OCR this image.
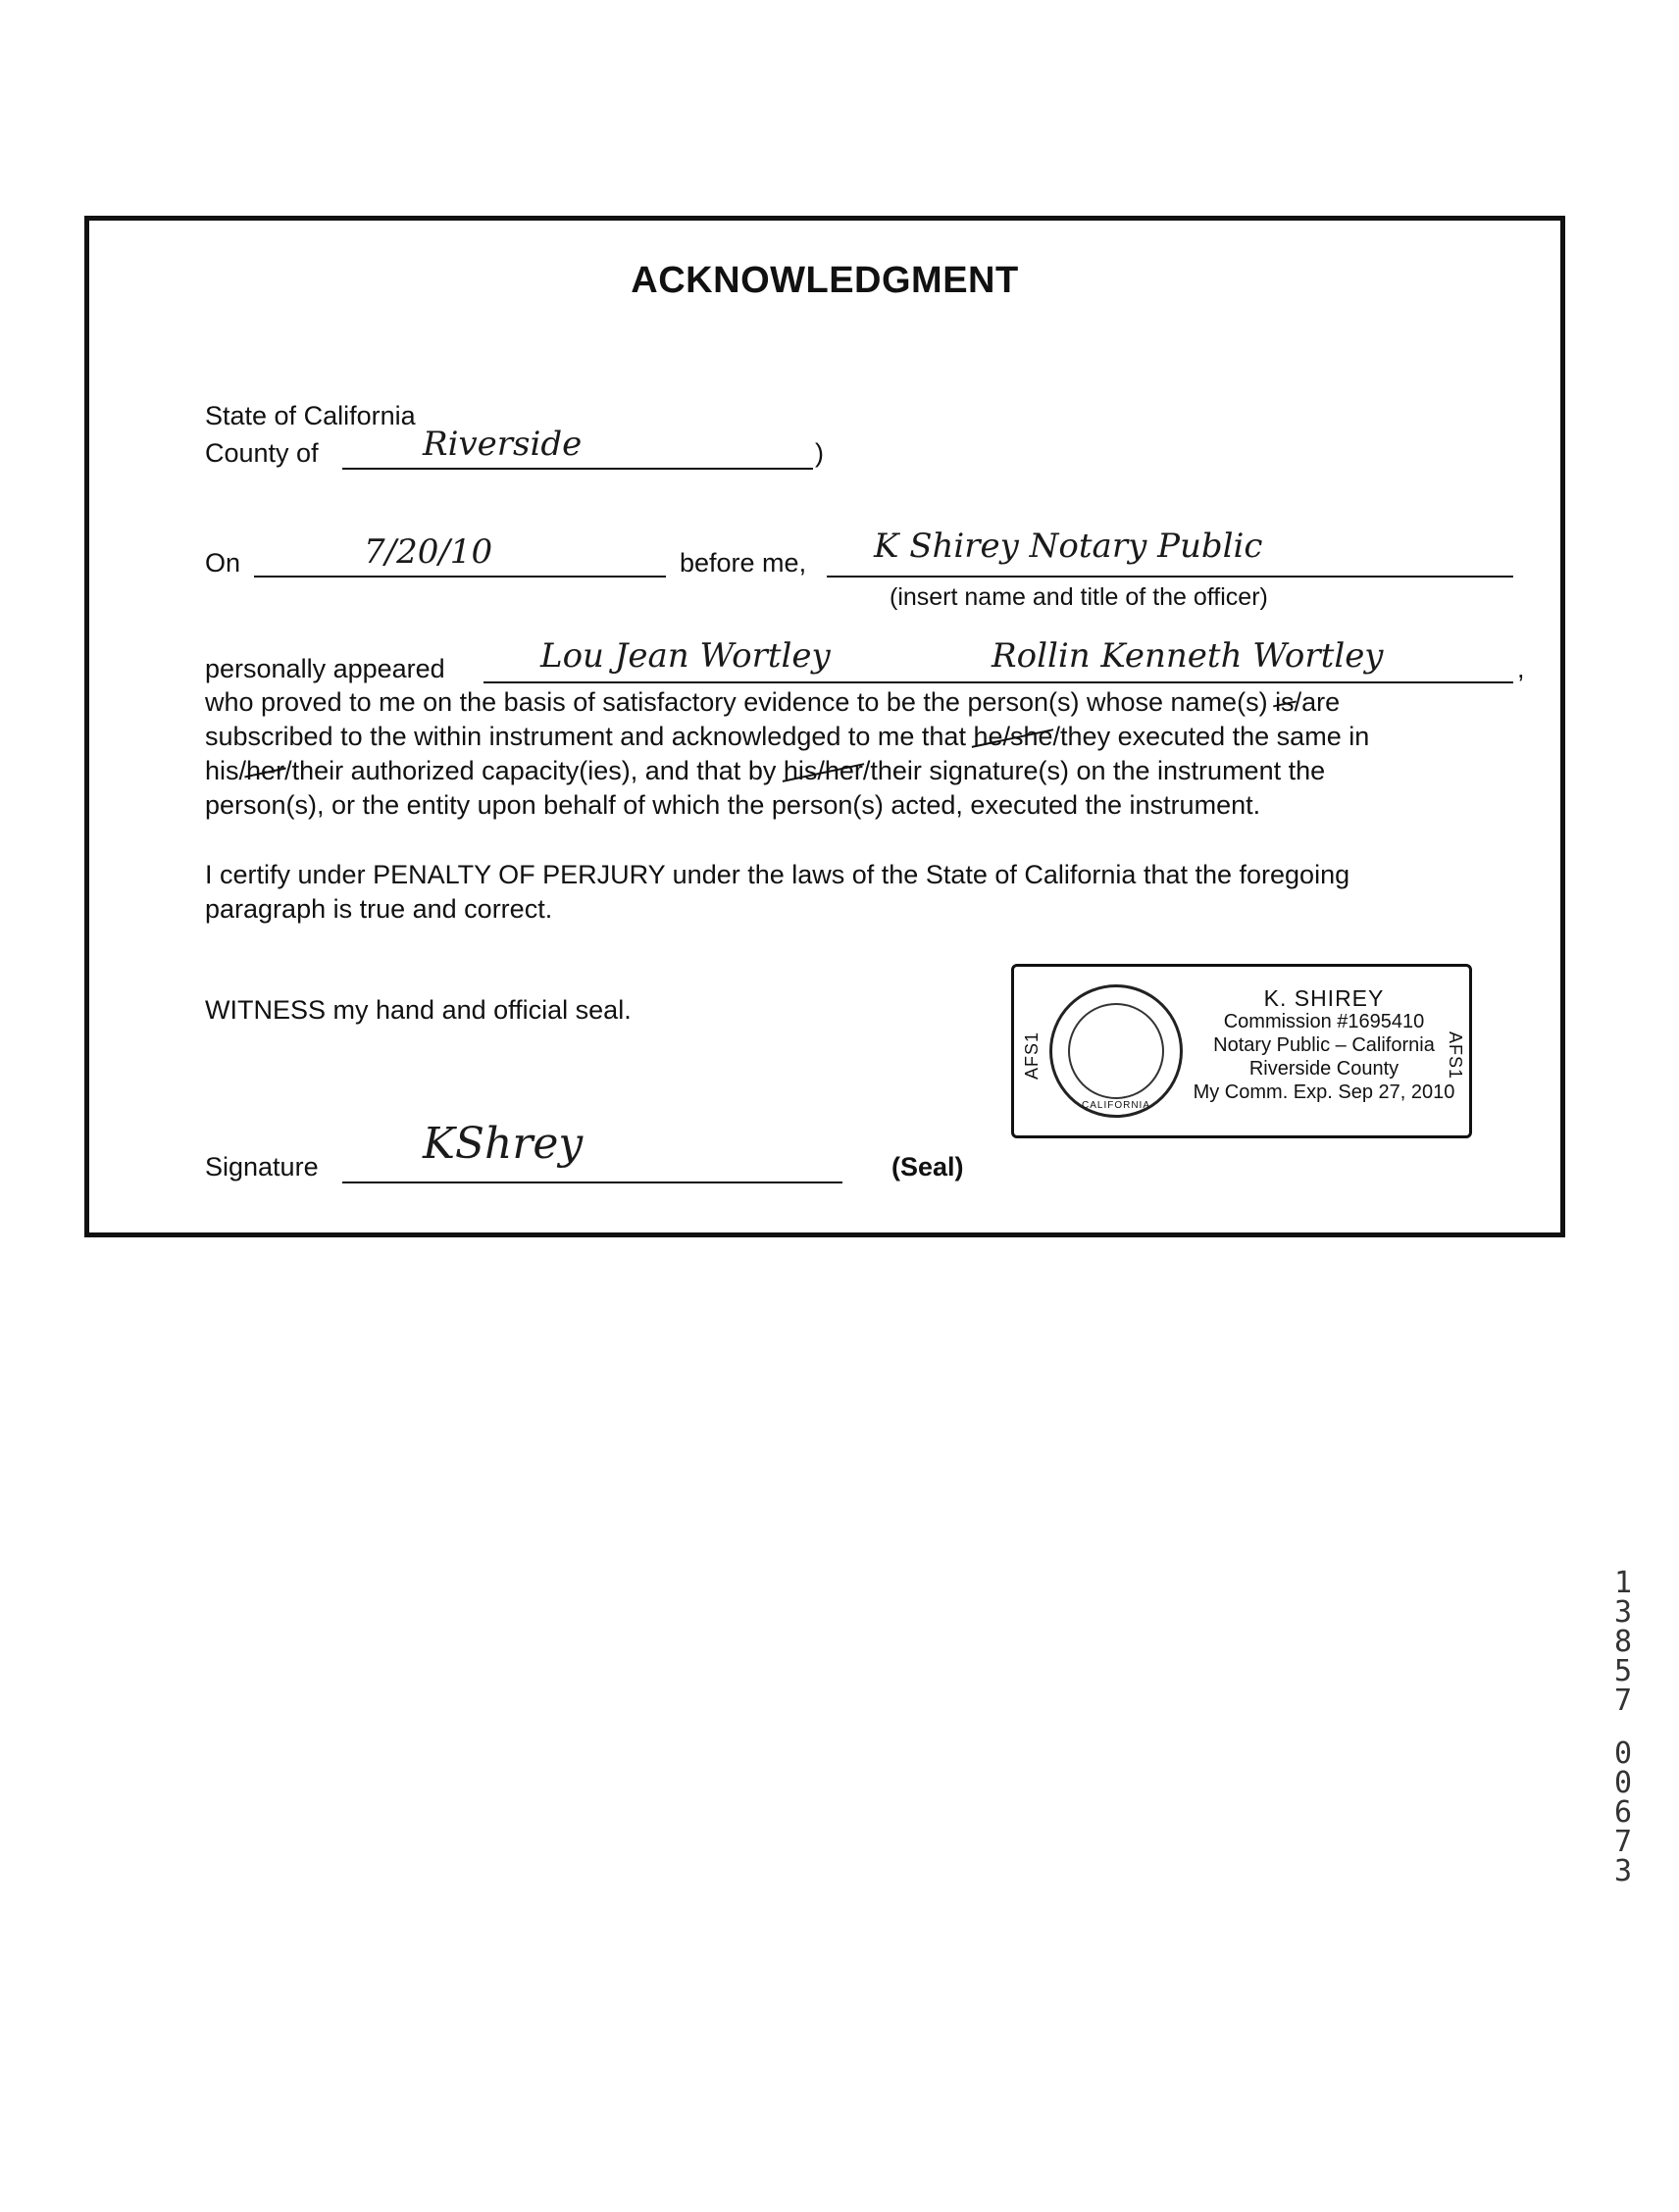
ACKNOWLEDGMENT
State of California
County of	Riverside	)
On	7/20/10	before me, K Shirey Notary Public
(insert name and title of the officer)
personally appeared	Lou Jean Wortley	Rollin Kenneth Wortley	,
who proved to me on the basis of satisfactory evidence to be the person(s) whose name(s) is/are
subscribed to the within instrument and acknowledged to me that he/she/they executed the same in
his/her/their authorized capacity(ies), and that by his/her/their signature(s) on the instrument the
person(s), or the entity upon behalf of which the person(s) acted, executed the instrument.
I certify under PENALTY OF PERJURY under the laws of the State of California that the foregoing
paragraph is true and correct.
WITNESS my hand and official seal.
Signature KShrey	(Seal)
AFS1
CALIFORNIA
K. SHIREY
Commission #1695410
Notary Public – California
Riverside County
My Comm. Exp. Sep 27, 2010
AFS1
1
3
8
5
7
0
0
6
7
3
